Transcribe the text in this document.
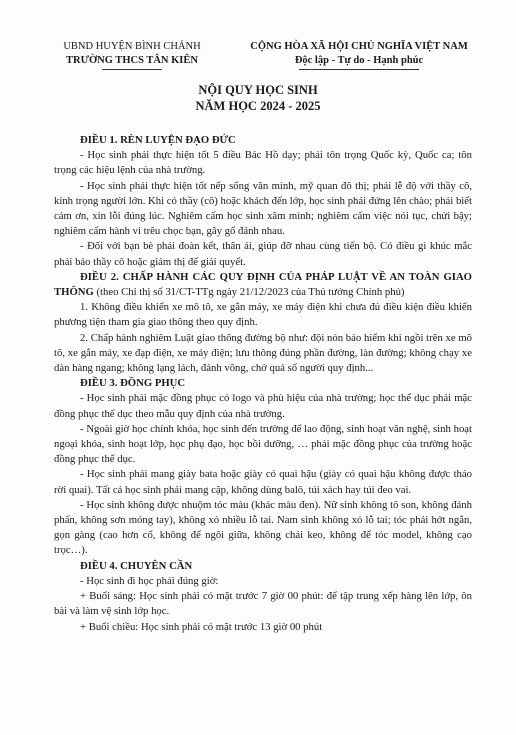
UBND HUYỆN BÌNH CHÁNH
TRƯỜNG THCS TÂN KIÊN
CỘNG HÒA XÃ HỘI CHỦ NGHĨA VIỆT NAM
Độc lập - Tự do - Hạnh phúc
NỘI QUY HỌC SINH
NĂM HỌC 2024 - 2025

ĐIỀU 1. RÈN LUYỆN ĐẠO ĐỨC

- Học sinh phải thực hiện tốt 5 điều Bác Hồ dạy; phải tôn trọng Quốc kỳ, Quốc ca; tôn trọng các hiệu lệnh của nhà trường.

- Học sinh phải thực hiện tốt nếp sống văn minh, mỹ quan đô thị; phải lễ độ với thầy cô, kính trọng người lớn. Khi có thầy (cô) hoặc khách đến lớp, học sinh phải đứng lên chào; phải biết cám ơn, xin lỗi đúng lúc. Nghiêm cấm học sinh xăm mình; nghiêm cấm việc nói tục, chửi bậy; nghiêm cấm hành vi trêu chọc bạn, gây gổ đánh nhau.

- Đối với bạn bè phải đoàn kết, thân ái, giúp đỡ nhau cùng tiến bộ. Có điều gì khúc mắc phải báo thầy cô hoặc giám thị để giải quyết.

ĐIỀU 2. CHẤP HÀNH CÁC QUY ĐỊNH CỦA PHÁP LUẬT VỀ AN TOÀN GIAO THÔNG (theo Chỉ thị số 31/CT-TTg ngày 21/12/2023 của Thủ tướng Chính phủ)

1. Không điều khiển xe mô tô, xe gắn máy, xe máy điện khi chưa đủ điều kiện điều khiển phương tiện tham gia giao thông theo quy định.

2. Chấp hành nghiêm Luật giao thông đường bộ như: đội nón bảo hiểm khi ngồi trên xe mô tô, xe gắn máy, xe đạp điện, xe máy điện; lưu thông đúng phần đường, làn đường; không chạy xe dàn hàng ngang; không lạng lách, đánh võng, chở quá số người quy định...

ĐIỀU 3. ĐỒNG PHỤC

- Học sinh phải mặc đồng phục có logo và phù hiệu của nhà trường; học thể dục phải mặc đồng phục thể dục theo mẫu quy định của nhà trường.

- Ngoài giờ học chính khóa, học sinh đến trường để lao động, sinh hoạt văn nghệ, sinh hoạt ngoại khóa, sinh hoạt lớp, học phụ đạo, học bồi dưỡng, … phải mặc đồng phục của trường hoặc đồng phục thể dục.

- Học sinh phải mang giày bata hoặc giày có quai hậu (giày có quai hậu không được tháo rời quai). Tất cả học sinh phải mang cặp, không dùng balô, túi xách hay túi đeo vai.

- Học sinh không được nhuộm tóc màu (khác màu đen). Nữ sinh không tô son, không đánh phấn, không sơn móng tay), không xỏ nhiều lỗ tai. Nam sinh không xỏ lỗ tai; tóc phải hớt ngắn, gọn gàng (cao hơn cổ, không để ngôi giữa, không chải keo, không để tóc model, không cạo trọc…).

ĐIỀU 4. CHUYÊN CẦN

- Học sinh đi học phải đúng giờ:

+ Buổi sáng: Học sinh phải có mặt trước 7 giờ 00 phút: để tập trung xếp hàng lên lớp, ôn bài và làm vệ sinh lớp học.

+ Buổi chiều: Học sinh phải có mặt trước 13 giờ 00 phút
